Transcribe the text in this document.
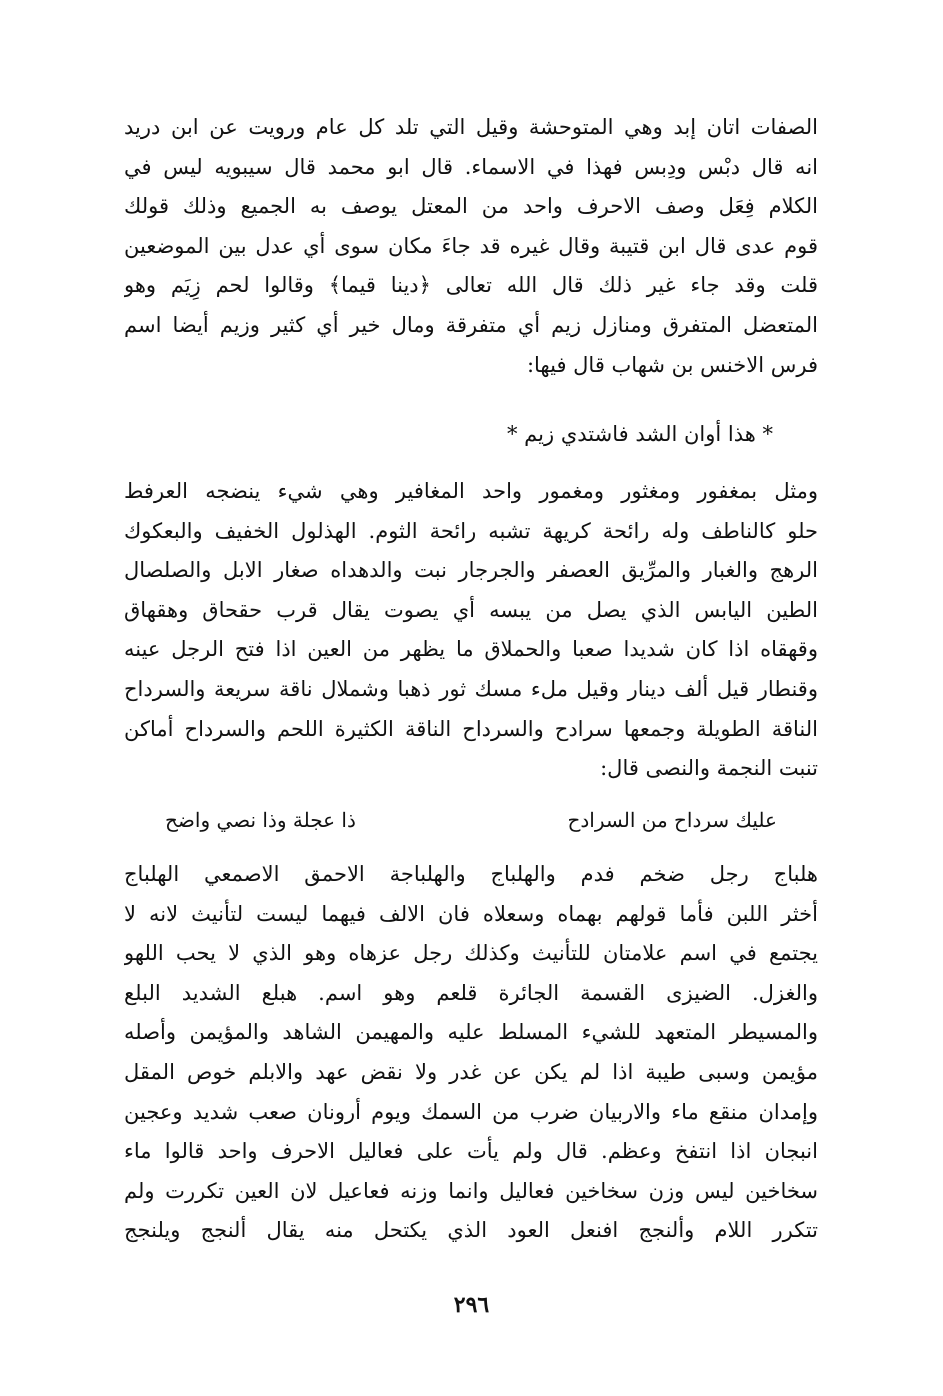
الصفات اتان إبد وهي المتوحشة وقيل التي تلد كل عام ورويت عن ابن دريد
انه قال دبْس ودِبس فهذا في الاسماء. قال ابو محمد قال سيبويه ليس في
الكلام فِعَل وصف الاحرف واحد من المعتل يوصف به الجميع وذلك قولك
قوم عدى قال ابن قتيبة وقال غيره قد جاءَ مكان سوى أي عدل بين الموضعين
قلت وقد جاء غير ذلك قال الله تعالى ﴿دينا قيما﴾ وقالوا لحم زِيَم وهو
المتعضل المتفرق ومنازل زيم أي متفرقة ومال خير أي كثير وزيم أيضا اسم
فرس الاخنس بن شهاب قال فيها:
* هذا أوان الشد فاشتدي زيم *
ومثل بمغفور ومغثور ومغمور واحد المغافير وهي شيء ينضجه العرفط
حلو كالناطف وله رائحة كريهة تشبه رائحة الثوم. الهذلول الخفيف والبعكوك
الرهج والغبار والمرِّيق العصفر والجرجار نبت والدهداه صغار الابل والصلصال
الطين اليابس الذي يصل من يبسه أي يصوت يقال قرب حقحاق وهقهاق
وقهقاه اذا كان شديدا صعبا والحملاق ما يظهر من العين اذا فتح الرجل عينه
وقنطار قيل ألف دينار وقيل ملء مسك ثور ذهبا وشملال ناقة سريعة والسرداح
الناقة الطويلة وجمعها سرادح والسرداح الناقة الكثيرة اللحم والسرداح أماكن
تنبت النجمة والنصى قال:
عليك سرداح من السرادح
ذا عجلة وذا نصي واضح
هلباج رجل ضخم فدم والهلباج والهلباجة الاحمق الاصمعي الهلباج
أخثر اللبن فأما قولهم بهماه وسعلاه فان الالف فيهما ليست لتأنيث لانه لا
يجتمع في اسم علامتان للتأنيث وكذلك رجل عزهاه وهو الذي لا يحب اللهو
والغزل. الضيزى القسمة الجائرة قلعم وهو اسم. هبلع الشديد البلع
والمسيطر المتعهد للشيء المسلط عليه والمهيمن الشاهد والمؤيمن وأصله
مؤيمن وسبى طيبة اذا لم يكن عن غدر ولا نقض عهد والابلم خوص المقل
وإمدان منقع ماء والاربيان ضرب من السمك ويوم أرونان صعب شديد وعجين
انبجان اذا انتفخ وعظم. قال ولم يأت على فعاليل الاحرف واحد قالوا ماء
سخاخين ليس وزن سخاخين فعاليل وانما وزنه فعاعيل لان العين تكررت ولم
تتكرر اللام وألنجج افنعل العود الذي يكتحل منه يقال ألنجج ويلنجج
٢٩٦
